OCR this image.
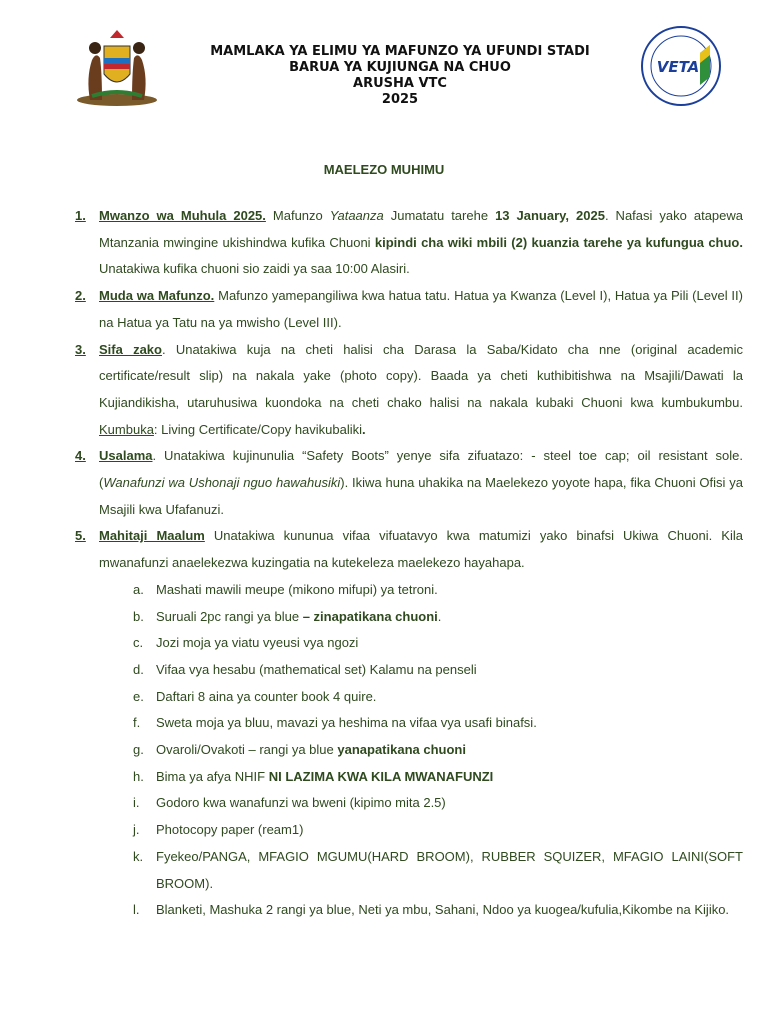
MAMLAKA YA ELIMU YA MAFUNZO YA UFUNDI STADI
BARUA YA KUJIUNGA NA CHUO
ARUSHA VTC
2025
VETA
MAELEZO MUHIMU
1. Mwanzo wa Muhula 2025. Mafunzo Yataanza Jumatatu tarehe 13 January, 2025. Nafasi yako atapewa Mtanzania mwingine ukishindwa kufika Chuoni kipindi cha wiki mbili (2) kuanzia tarehe ya kufungua chuo. Unatakiwa kufika chuoni sio zaidi ya saa 10:00 Alasiri.
2. Muda wa Mafunzo. Mafunzo yamepangiliwa kwa hatua tatu. Hatua ya Kwanza (Level I), Hatua ya Pili (Level II) na Hatua ya Tatu na ya mwisho (Level III).
3. Sifa zako. Unatakiwa kuja na cheti halisi cha Darasa la Saba/Kidato cha nne (original academic certificate/result slip) na nakala yake (photo copy). Baada ya cheti kuthibitishwa na Msajili/Dawati la Kujiandikisha, utaruhusiwa kuondoka na cheti chako halisi na nakala kubaki Chuoni kwa kumbukumbu. Kumbuka: Living Certificate/Copy havikubaliki.
4. Usalama. Unatakiwa kujinunulia “Safety Boots” yenye sifa zifuatazo: - steel toe cap; oil resistant sole. (Wanafunzi wa Ushonaji nguo hawahusiki). Ikiwa huna uhakika na Maelekezo yoyote hapa, fika Chuoni Ofisi ya Msajili kwa Ufafanuzi.
5. Mahitaji Maalum Unatakiwa kununua vifaa vifuatavyo kwa matumizi yako binafsi Ukiwa Chuoni. Kila mwanafunzi anaelekezwa kuzingatia na kutekeleza maelekezo hayahapa.
a. Mashati mawili meupe (mikono mifupi) ya tetroni.
b. Suruali 2pc rangi ya blue – zinapatikana chuoni.
c. Jozi moja ya viatu vyeusi vya ngozi
d. Vifaa vya hesabu (mathematical set) Kalamu na penseli
e. Daftari 8 aina ya counter book 4 quire.
f. Sweta moja ya bluu, mavazi ya heshima na vifaa vya usafi binafsi.
g. Ovaroli/Ovakoti – rangi ya blue yanapatikana chuoni
h. Bima ya afya NHIF NI LAZIMA KWA KILA MWANAFUNZI
i. Godoro kwa wanafunzi wa bweni (kipimo mita 2.5)
j. Photocopy paper (ream1)
k. Fyekeo/PANGA, MFAGIO MGUMU(HARD BROOM), RUBBER SQUIZER, MFAGIO LAINI(SOFT BROOM).
l. Blanketi, Mashuka 2 rangi ya blue, Neti ya mbu, Sahani, Ndoo ya kuogea/kufulia,Kikombe na Kijiko.
